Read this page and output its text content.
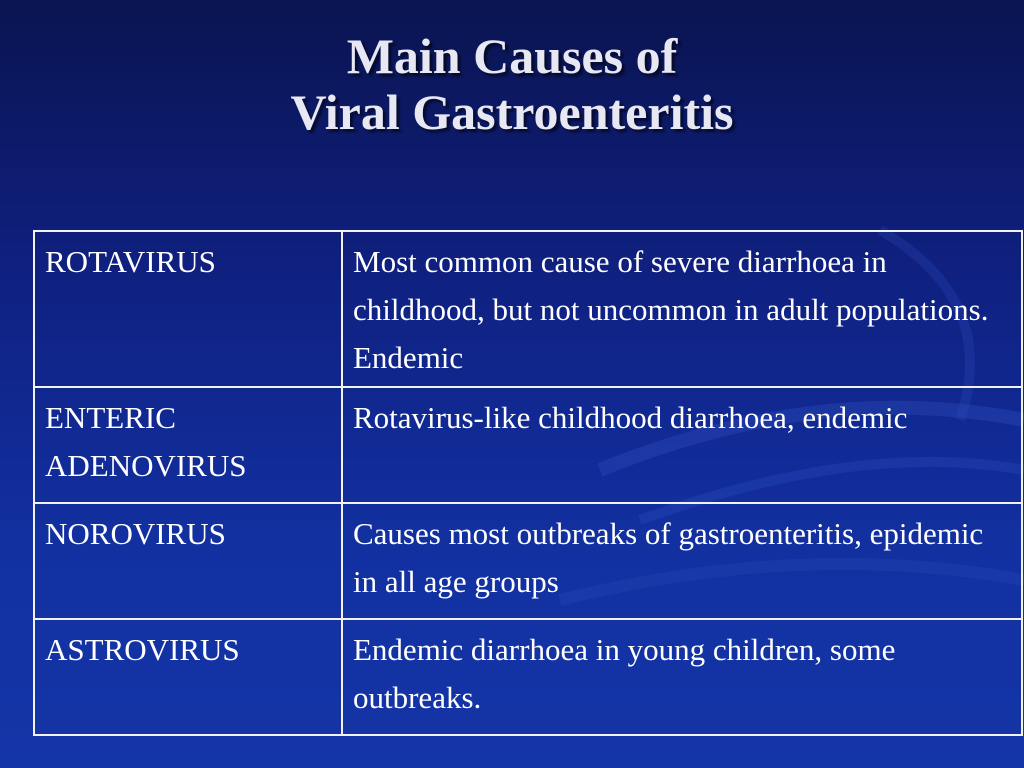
Main Causes of
Viral Gastroenteritis
ROTAVIRUS	Most common cause of severe diarrhoea in childhood, but not uncommon in adult populations. Endemic
ENTERIC ADENOVIRUS	Rotavirus-like childhood diarrhoea, endemic
NOROVIRUS	Causes most outbreaks of gastroenteritis, epidemic in all age groups
ASTROVIRUS	Endemic diarrhoea in young children, some outbreaks.
